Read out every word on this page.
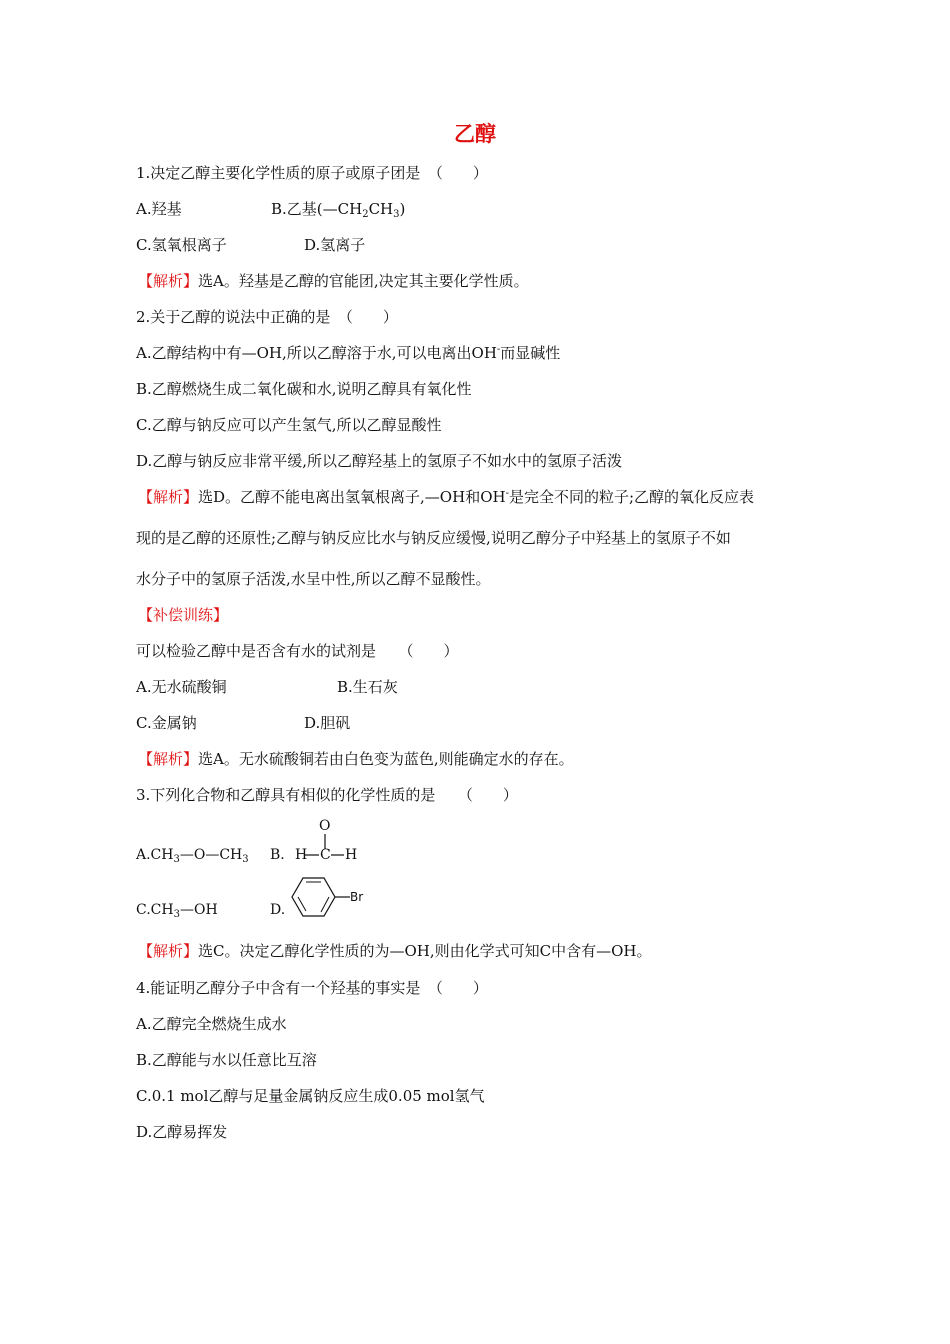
乙醇
1.决定乙醇主要化学性质的原子或原子团是　（　　）
A.羟基	B.乙基$(—CH_2CH_3)$
C.氢氧根离子	D.氢离子
【解析】选A。羟基是乙醇的官能团,决定其主要化学性质。
2.关于乙醇的说法中正确的是　（　　）
A.乙醇结构中有—OH,所以乙醇溶于水,可以电离出OH-而显碱性
B.乙醇燃烧生成二氧化碳和水,说明乙醇具有氧化性
C.乙醇与钠反应可以产生氢气,所以乙醇显酸性
D.乙醇与钠反应非常平缓,所以乙醇羟基上的氢原子不如水中的氢原子活泼
【解析】选D。乙醇不能电离出氢氧根离子,—OH和OH-是完全不同的粒子;乙醇的氧化反应表
现的是乙醇的还原性;乙醇与钠反应比水与钠反应缓慢,说明乙醇分子中羟基上的氢原子不如
水分子中的氢原子活泼,水呈中性,所以乙醇不显酸性。
【补偿训练】
可以检验乙醇中是否含有水的试剂是　　（　　）
A.无水硫酸铜	B.生石灰
C.金属钠	D.胆矾
【解析】选A。无水硫酸铜若由白色变为蓝色,则能确定水的存在。
3.下列化合物和乙醇具有相似的化学性质的是　　（　　）
$A.CH_3—O—CH_3$ B.
O
H C H
$C.CH_3—OH$	D.
Br
【解析】选C。决定乙醇化学性质的为—OH,则由化学式可知C中含有—OH。
4.能证明乙醇分子中含有一个羟基的事实是　（　　）
A.乙醇完全燃烧生成水
B.乙醇能与水以任意比互溶
C.0.1 mol乙醇与足量金属钠反应生成0.05 mol氢气
D.乙醇易挥发
